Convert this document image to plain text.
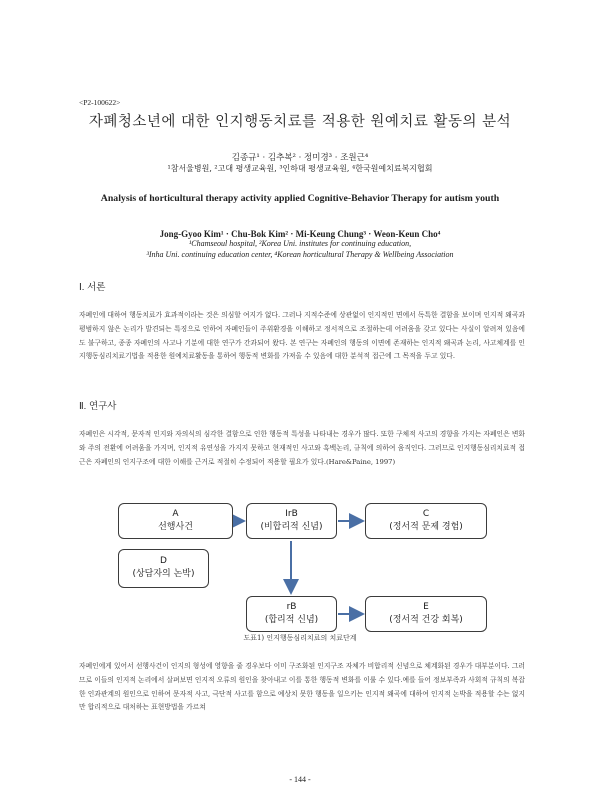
<P2-100622>
자폐청소년에 대한 인지행동치료를 적용한 원예치료 활동의 분석
김종규¹ · 김추복² · 정미경³ · 조원근⁴
¹참서울병원, ²고대 평생교육원, ³인하대 평생교육원, ⁴한국원예치료복지협회
Analysis of horticultural therapy activity applied Cognitive-Behavior Therapy for autism youth
Jong-Gyoo Kim¹ · Chu-Bok Kim² · Mi-Keung Chung³ · Weon-Keun Cho⁴
¹Chamseoul hospital, ²Korea Uni. institutes for continuing education,
³Inha Uni. continuing education center, ⁴Korean horticultural Therapy & Wellbeing Association
Ⅰ. 서론
자폐인에 대하여 행동치료가 효과적이라는 것은 의심할 여지가 없다. 그러나 지적수준에 상관없이 인지적인 면에서 독특한 결함을 보이며 인지적 왜곡과 평범하지 않은 논리가 발견되는 특징으로 인하여 자폐인들이 주위환경을 이해하고 정서적으로 조절하는데 어려움을 갖고 있다는 사실이 알려져 있음에도 불구하고, 종종 자폐인의 사고나 기분에 대한 연구가 간과되어 왔다. 본 연구는 자폐인의 행동의 이면에 존재하는 인지적 왜곡과 논리, 사고체계를 인지행동심리치료기법을 적용한 원예치료활동을 통하여 행동적 변화를 가져올 수 있음에 대한 분석적 접근에 그 목적을 두고 있다.
Ⅱ. 연구사
자폐인은 시각적, 문자적 인지와 자의식의 심각한 결함으로 인한 행동적 특성을 나타내는 경우가 많다. 또한 구체적 사고의 경향을 가지는 자폐인은 변화와 주의 전환에 어려움을 가지며, 인지적 유연성을 가지지 못하고 현재적인 사고와 흑백논리, 규칙에 의하여 움직인다. 그러므로 인지행동심리치료적 접근은 자폐인의 인지구조에 대한 이해를 근거로 적절히 수정되어 적용할 필요가 있다.(Hare&Paine, 1997)
A
선행사건
IrB
(비합리적 신념)
C
(정서적 문제 경험)
D
(상담자의 논박)
rB
(합리적 신념)
E
(정서적 건강 회복)
도표1) 인지행동심리치료의 치료단계
자폐인에게 있어서 선행사건이 인지의 형성에 영향을 줄 경우보다 이미 구조화된 인지구조 자체가 비합리적 신념으로 체계화된 경우가 대부분이다. 그러므로 이들의 인지적 논리에서 살펴보면 인지적 오류의 원인을 찾아내고 이를 통한 행동적 변화를 이룰 수 있다.예를 들어 정보부족과 사회적 규칙의 복잡한 인과관계의 원인으로 인하여 문자적 사고, 극단적 사고를 함으로 예상치 못한 행동을 일으키는 인지적 왜곡에 대하여 인지적 논박을 적용할 수는 없지만 합리적으로 대처하는 표현방법을 가르쳐
- 144 -
